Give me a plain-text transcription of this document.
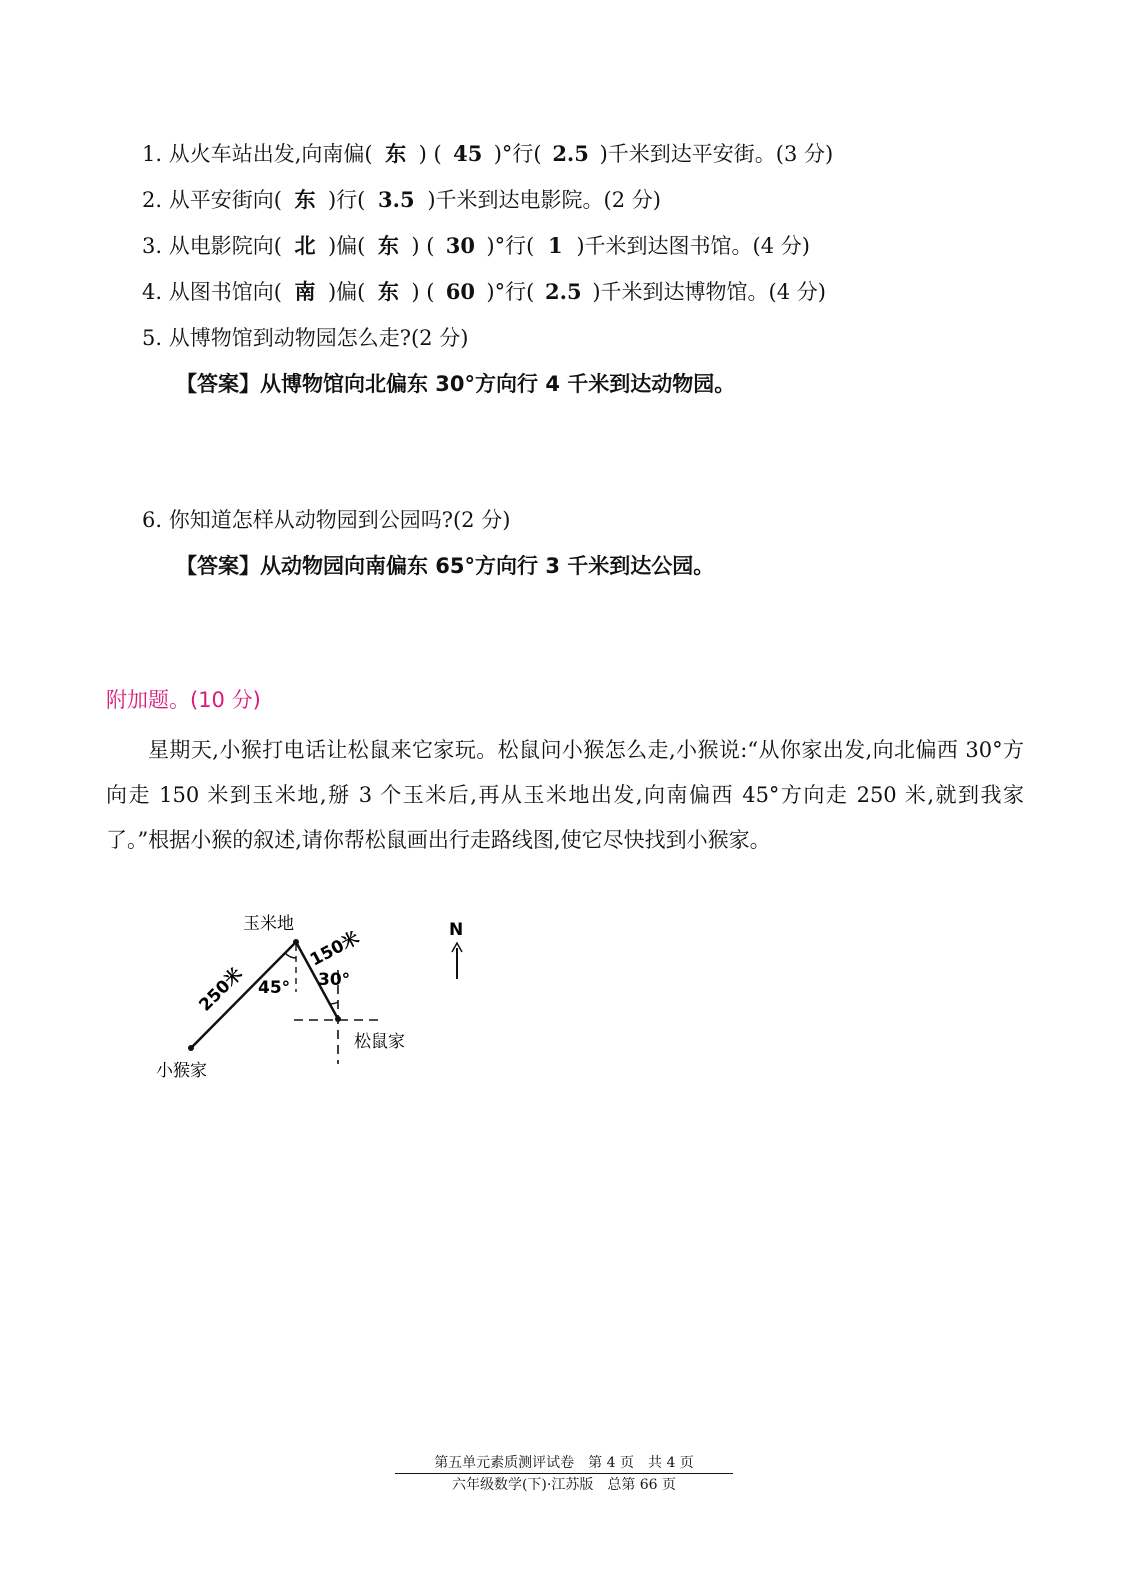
1. 从火车站出发,向南偏( 东 ) ( 45 )°行( 2.5 )千米到达平安街。(3 分)
2. 从平安街向( 东 )行( 3.5 )千米到达电影院。(2 分)
3. 从电影院向( 北 )偏( 东 ) ( 30 )°行( 1 )千米到达图书馆。(4 分)
4. 从图书馆向( 南 )偏( 东 ) ( 60 )°行( 2.5 )千米到达博物馆。(4 分)
5. 从博物馆到动物园怎么走?(2 分)
【答案】从博物馆向北偏东 30°方向行 4 千米到达动物园。
6. 你知道怎样从动物园到公园吗?(2 分)
【答案】从动物园向南偏东 65°方向行 3 千米到达公园。
附加题。(10 分)
星期天,小猴打电话让松鼠来它家玩。松鼠问小猴怎么走,小猴说:“从你家出发,向北偏西 30°方向走 150 米到玉米地,掰 3 个玉米后,再从玉米地出发,向南偏西 45°方向走 250 米,就到我家了。”根据小猴的叙述,请你帮松鼠画出行走路线图,使它尽快找到小猴家。
N
玉米地
松鼠家
小猴家
150米
250米	30°
45°
第五单元素质测评试卷　第 4 页　共 4 页
六年级数学(下)·江苏版　总第 66 页
